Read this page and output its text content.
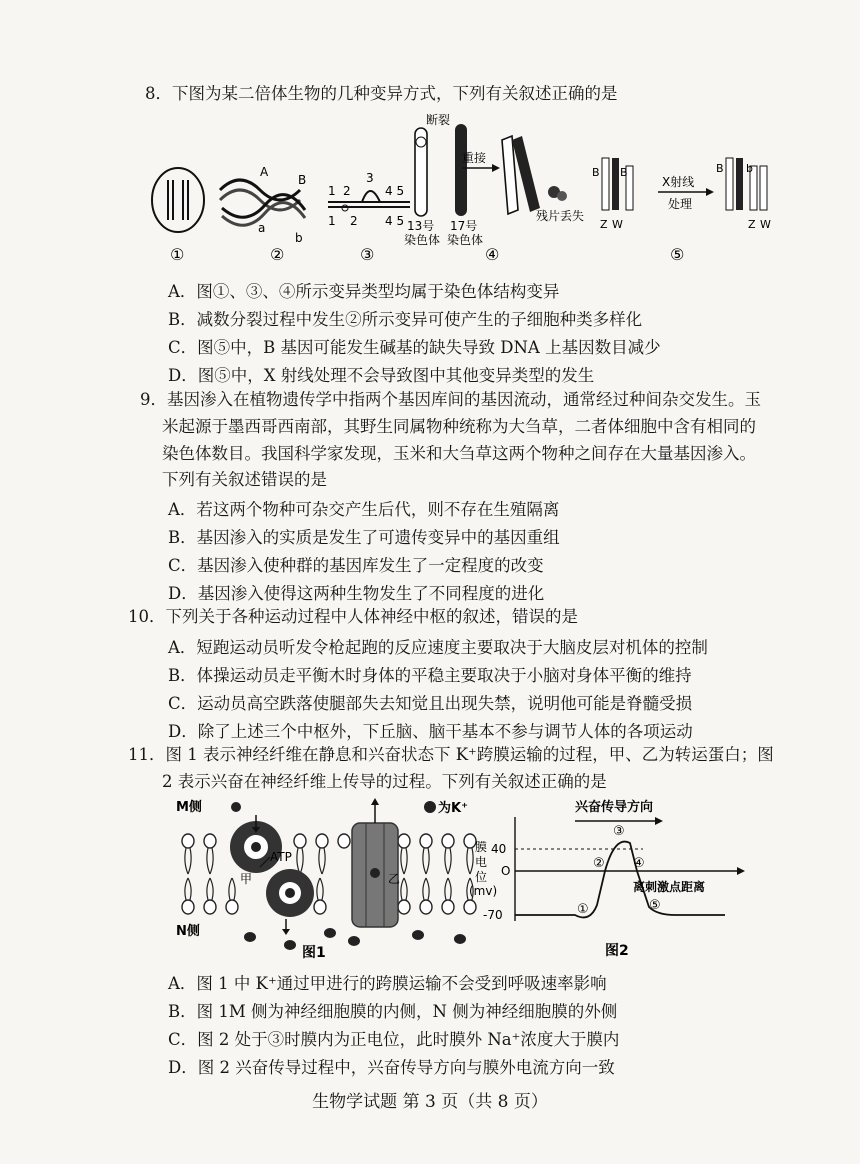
8．下图为某二倍体生物的几种变异方式，下列有关叙述正确的是
A
B
a
b
1 2
3
4 5
1 2 4 5
断裂
重接
13号
染色体
17号
染色体
残片丢失
B B
Z W
X射线
处理
B b
Z W
①	②	③	④	⑤
A．图①、③、④所示变异类型均属于染色体结构变异
B．减数分裂过程中发生②所示变异可使产生的子细胞种类多样化
C．图⑤中，B 基因可能发生碱基的缺失导致 DNA 上基因数目减少
D．图⑤中，X 射线处理不会导致图中其他变异类型的发生
9．基因渗入在植物遗传学中指两个基因库间的基因流动，通常经过种间杂交发生。玉
米起源于墨西哥西南部，其野生同属物种统称为大刍草，二者体细胞中含有相同的
染色体数目。我国科学家发现，玉米和大刍草这两个物种之间存在大量基因渗入。
下列有关叙述错误的是
A．若这两个物种可杂交产生后代，则不存在生殖隔离
B．基因渗入的实质是发生了可遗传变异中的基因重组
C．基因渗入使种群的基因库发生了一定程度的改变
D．基因渗入使得这两种生物发生了不同程度的进化
10．下列关于各种运动过程中人体神经中枢的叙述，错误的是
A．短跑运动员听发令枪起跑的反应速度主要取决于大脑皮层对机体的控制
B．体操运动员走平衡木时身体的平稳主要取决于小脑对身体平衡的维持
C．运动员高空跌落使腿部失去知觉且出现失禁，说明他可能是脊髓受损
D．除了上述三个中枢外，下丘脑、脑干基本不参与调节人体的各项运动
11．图 1 表示神经纤维在静息和兴奋状态下 K⁺跨膜运输的过程，甲、乙为转运蛋白；图
2 表示兴奋在神经纤维上传导的过程。下列有关叙述正确的是
M侧	为K⁺
ATP
甲	乙
N侧
图1
兴奋传导方向
膜
电
位
(mv)
40
O
-70
离刺激点距离
①
②
③
④
⑤
图2
A．图 1 中 K⁺通过甲进行的跨膜运输不会受到呼吸速率影响
B．图 1M 侧为神经细胞膜的内侧，N 侧为神经细胞膜的外侧
C．图 2 处于③时膜内为正电位，此时膜外 Na⁺浓度大于膜内
D．图 2 兴奋传导过程中，兴奋传导方向与膜外电流方向一致
生物学试题 第 3 页（共 8 页）
